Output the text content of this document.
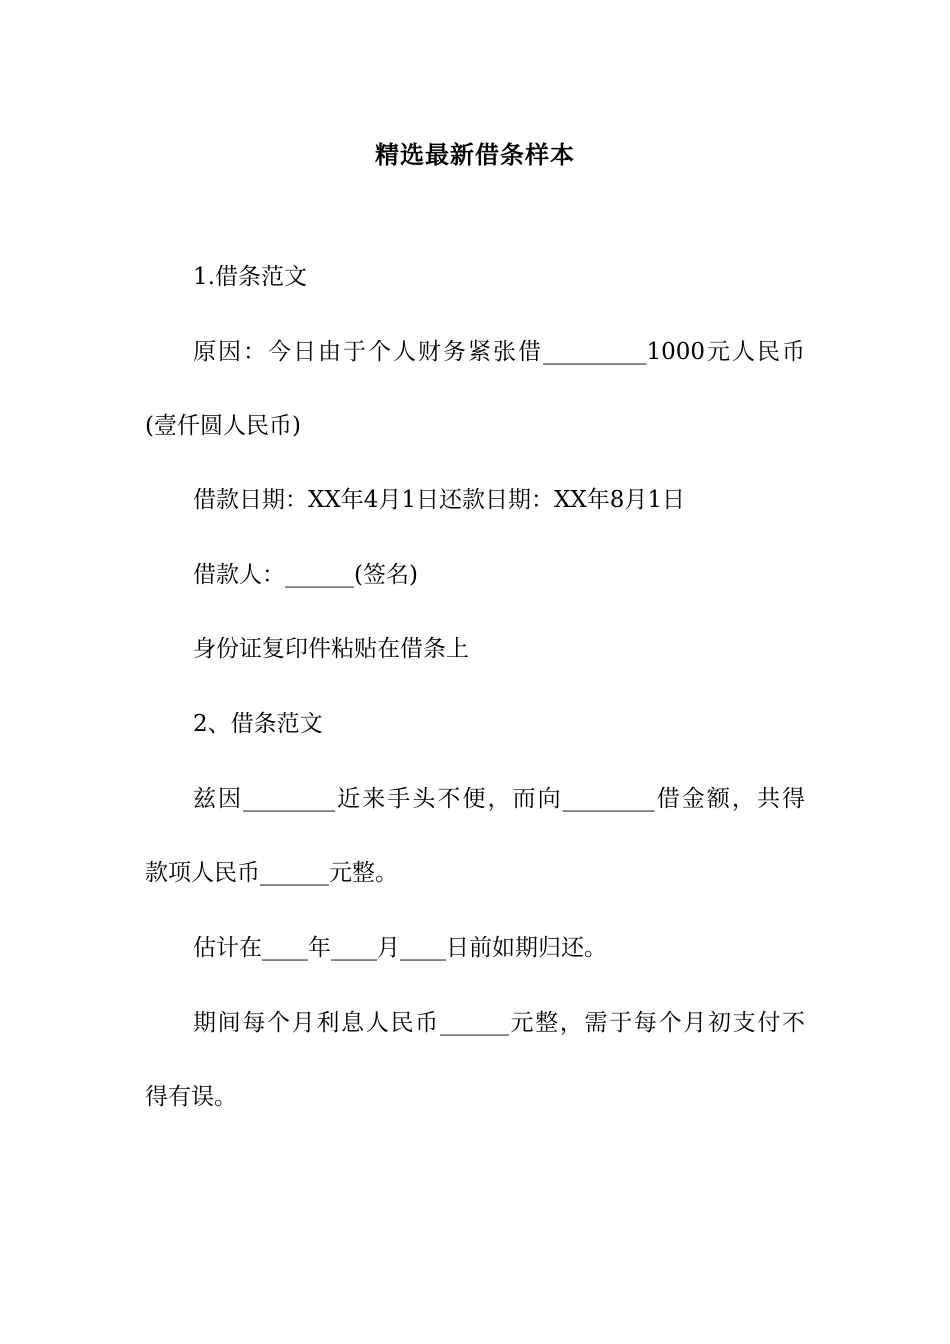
精选最新借条样本
1.借条范文
原因：今日由于个人财务紧张借_________1000元人民币
(壹仟圆人民币)
借款日期：XX年4月1日还款日期：XX年8月1日
借款人：______(签名)
身份证复印件粘贴在借条上
2、借条范文
兹因________近来手头不便，而向________借金额，共得
款项人民币______元整。
估计在____年____月____日前如期归还。
期间每个月利息人民币______元整，需于每个月初支付不
得有误。
